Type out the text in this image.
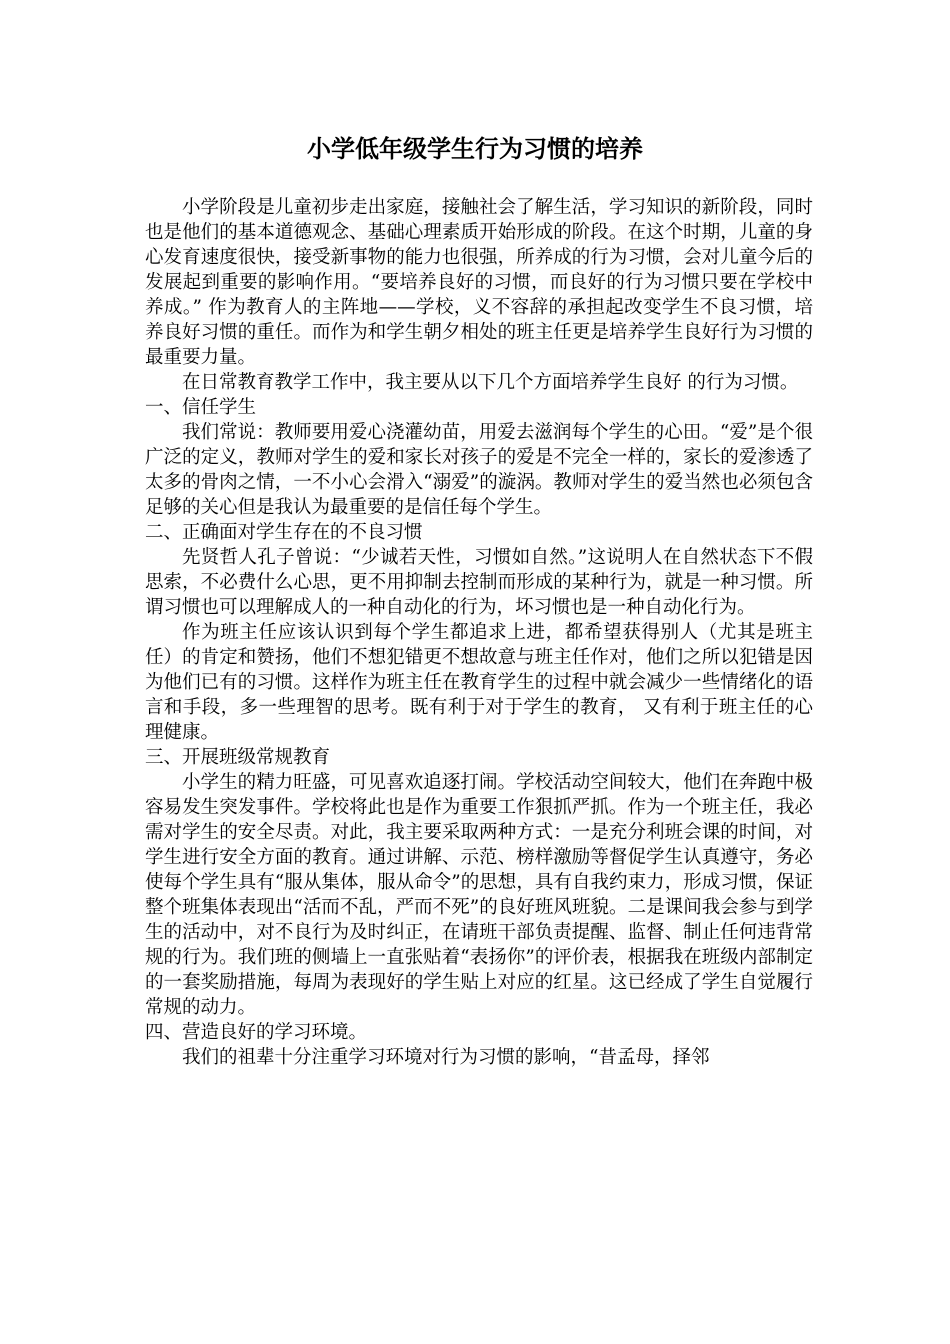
小学低年级学生行为习惯的培养

小学阶段是儿童初步走出家庭，接触社会了解生活，学习知识的新阶段，同时也是他们的基本道德观念、基础心理素质开始形成的阶段。在这个时期，儿童的身心发育速度很快，接受新事物的能力也很强，所养成的行为习惯，会对儿童今后的发展起到重要的影响作用。“要培养良好的习惯，而良好的行为习惯只要在学校中养成。” 作为教育人的主阵地——学校，义不容辞的承担起改变学生不良习惯，培养良好习惯的重任。而作为和学生朝夕相处的班主任更是培养学生良好行为习惯的最重要力量。

在日常教育教学工作中，我主要从以下几个方面培养学生良好 的行为习惯。

一、信任学生

我们常说：教师要用爱心浇灌幼苗，用爱去滋润每个学生的心田。“爱”是个很广泛的定义，教师对学生的爱和家长对孩子的爱是不完全一样的，家长的爱渗透了太多的骨肉之情，一不小心会滑入“溺爱”的漩涡。教师对学生的爱当然也必须包含足够的关心但是我认为最重要的是信任每个学生。

二、正确面对学生存在的不良习惯

先贤哲人孔子曾说：“少诚若天性，习惯如自然。”这说明人在自然状态下不假思索，不必费什么心思，更不用抑制去控制而形成的某种行为，就是一种习惯。所谓习惯也可以理解成人的一种自动化的行为，坏习惯也是一种自动化行为。

作为班主任应该认识到每个学生都追求上进，都希望获得别人（尤其是班主任）的肯定和赞扬，他们不想犯错更不想故意与班主任作对，他们之所以犯错是因为他们已有的习惯。这样作为班主任在教育学生的过程中就会减少一些情绪化的语言和手段，多一些理智的思考。既有利于对于学生的教育， 又有利于班主任的心理健康。

三、开展班级常规教育

小学生的精力旺盛，可见喜欢追逐打闹。学校活动空间较大，他们在奔跑中极容易发生突发事件。学校将此也是作为重要工作狠抓严抓。作为一个班主任，我必需对学生的安全尽责。对此，我主要采取两种方式：一是充分利班会课的时间，对学生进行安全方面的教育。通过讲解、示范、榜样激励等督促学生认真遵守，务必使每个学生具有“服从集体，服从命令”的思想，具有自我约束力，形成习惯，保证整个班集体表现出“活而不乱，严而不死”的良好班风班貌。二是课间我会参与到学生的活动中，对不良行为及时纠正，在请班干部负责提醒、监督、制止任何违背常规的行为。我们班的侧墙上一直张贴着“表扬你”的评价表，根据我在班级内部制定的一套奖励措施，每周为表现好的学生贴上对应的红星。这已经成了学生自觉履行常规的动力。

四、营造良好的学习环境。

我们的祖辈十分注重学习环境对行为习惯的影响，“昔孟母，择邻
